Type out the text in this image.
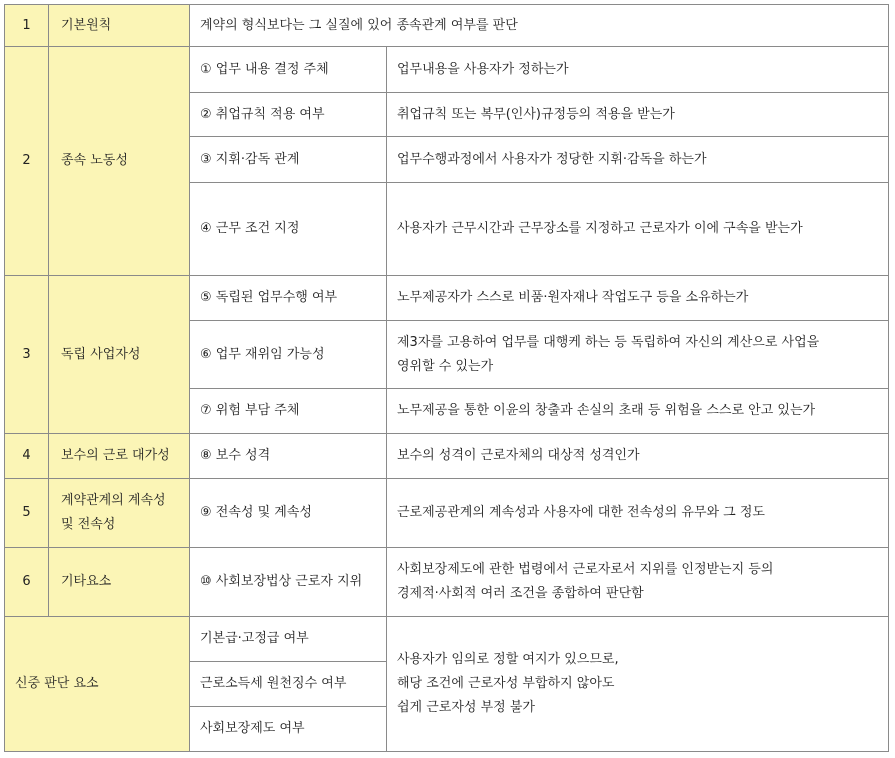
1	기본원칙	계약의 형식보다는 그 실질에 있어 종속관계 여부를 판단	
2	종속 노동성	① 업무 내용 결정 주체	업무내용을 사용자가 정하는가
		② 취업규칙 적용 여부	취업규칙 또는 복무(인사)규정등의 적용을 받는가
		③ 지휘·감독 관계	업무수행과정에서 사용자가 정당한 지휘·감독을 하는가
		④ 근무 조건 지정	사용자가 근무시간과 근무장소를 지정하고 근로자가 이에 구속을 받는가
3	독립 사업자성	⑤ 독립된 업무수행 여부	노무제공자가 스스로 비품·원자재나 작업도구 등을 소유하는가
		⑥ 업무 재위임 가능성	제3자를 고용하여 업무를 대행케 하는 등 독립하여 자신의 계산으로 사업을
영위할 수 있는가

		⑦ 위험 부담 주체	노무제공을 통한 이윤의 창출과 손실의 초래 등 위험을 스스로 안고 있는가
4	보수의 근로 대가성	⑧ 보수 성격	보수의 성격이 근로자체의 대상적 성격인가
5	계약관계의 계속성
및 전속성	⑨ 전속성 및 계속성	근로제공관계의 계속성과 사용자에 대한 전속성의 유무와 그 정도
6	기타요소	⑩ 사회보장법상 근로자 지위	사회보장제도에 관한 법령에서 근로자로서 지위를 인정받는지 등의
경제적·사회적 여러 조건을 종합하여 판단함

신중 판단 요소		기본급·고정급 여부	사용자가 임의로 정할 여지가 있으므로,
해당 조건에 근로자성 부합하지 않아도
쉽게 근로자성 부정 불가

		근로소득세 원천징수 여부	
		사회보장제도 여부	
